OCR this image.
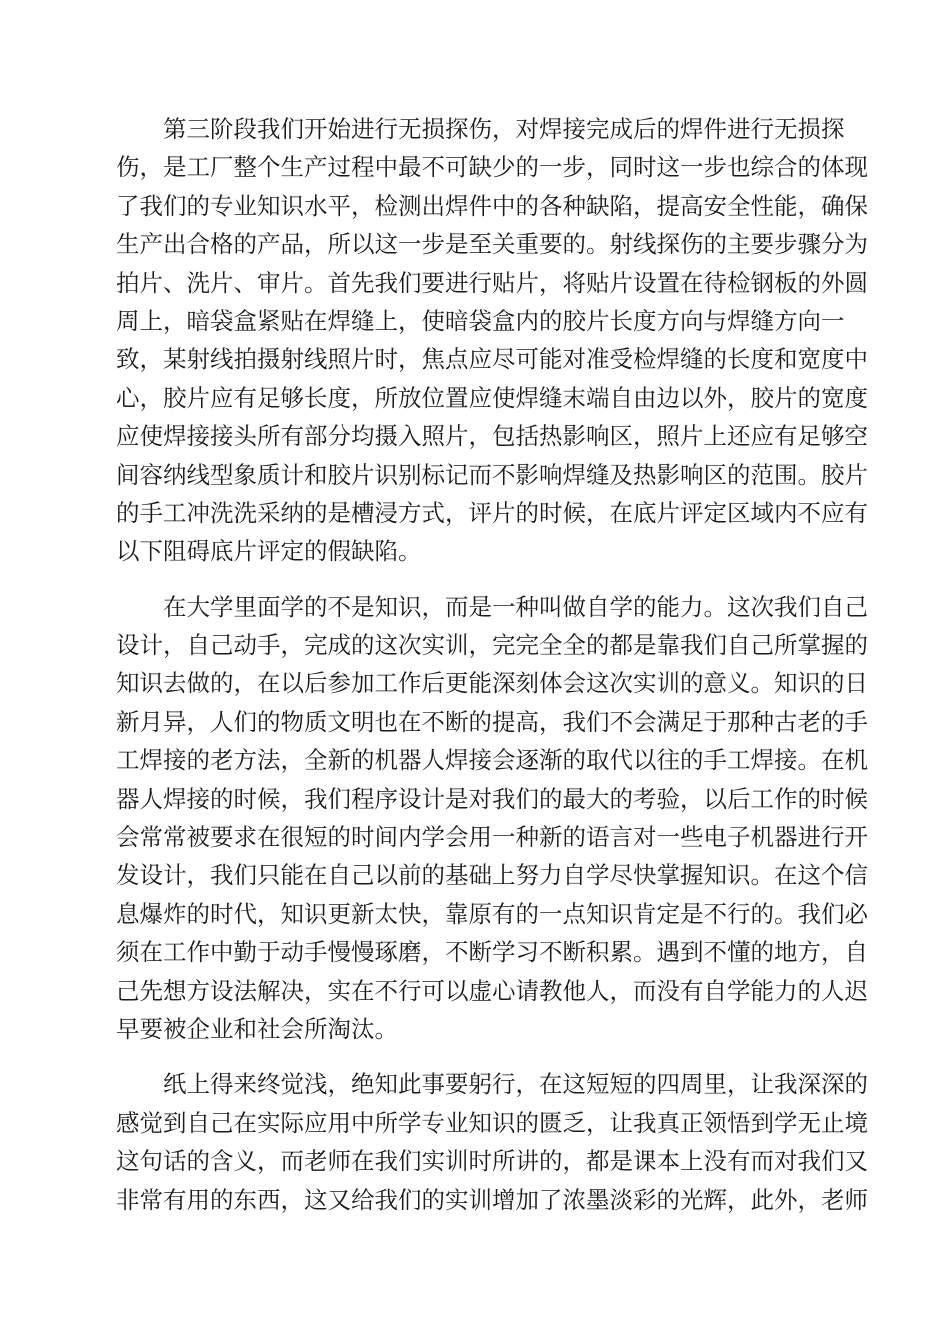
第三阶段我们开始进行无损探伤，对焊接完成后的焊件进行无损探
伤，是工厂整个生产过程中最不可缺少的一步，同时这一步也综合的体现
了我们的专业知识水平，检测出焊件中的各种缺陷，提高安全性能，确保
生产出合格的产品，所以这一步是至关重要的。射线探伤的主要步骤分为
拍片、洗片、审片。首先我们要进行贴片，将贴片设置在待检钢板的外圆
周上，暗袋盒紧贴在焊缝上，使暗袋盒内的胶片长度方向与焊缝方向一
致，某射线拍摄射线照片时，焦点应尽可能对准受检焊缝的长度和宽度中
心，胶片应有足够长度，所放位置应使焊缝末端自由边以外，胶片的宽度
应使焊接接头所有部分均摄入照片，包括热影响区，照片上还应有足够空
间容纳线型象质计和胶片识别标记而不影响焊缝及热影响区的范围。胶片
的手工冲洗洗采纳的是槽浸方式，评片的时候，在底片评定区域内不应有
以下阻碍底片评定的假缺陷。
在大学里面学的不是知识，而是一种叫做自学的能力。这次我们自己
设计，自己动手，完成的这次实训，完完全全的都是靠我们自己所掌握的
知识去做的，在以后参加工作后更能深刻体会这次实训的意义。知识的日
新月异，人们的物质文明也在不断的提高，我们不会满足于那种古老的手
工焊接的老方法，全新的机器人焊接会逐渐的取代以往的手工焊接。在机
器人焊接的时候，我们程序设计是对我们的最大的考验，以后工作的时候
会常常被要求在很短的时间内学会用一种新的语言对一些电子机器进行开
发设计，我们只能在自己以前的基础上努力自学尽快掌握知识。在这个信
息爆炸的时代，知识更新太快，靠原有的一点知识肯定是不行的。我们必
须在工作中勤于动手慢慢琢磨，不断学习不断积累。遇到不懂的地方，自
己先想方设法解决，实在不行可以虚心请教他人，而没有自学能力的人迟
早要被企业和社会所淘汰。
纸上得来终觉浅，绝知此事要躬行，在这短短的四周里，让我深深的
感觉到自己在实际应用中所学专业知识的匮乏，让我真正领悟到学无止境
这句话的含义，而老师在我们实训时所讲的，都是课本上没有而对我们又
非常有用的东西，这又给我们的实训增加了浓墨淡彩的光辉，此外，老师
